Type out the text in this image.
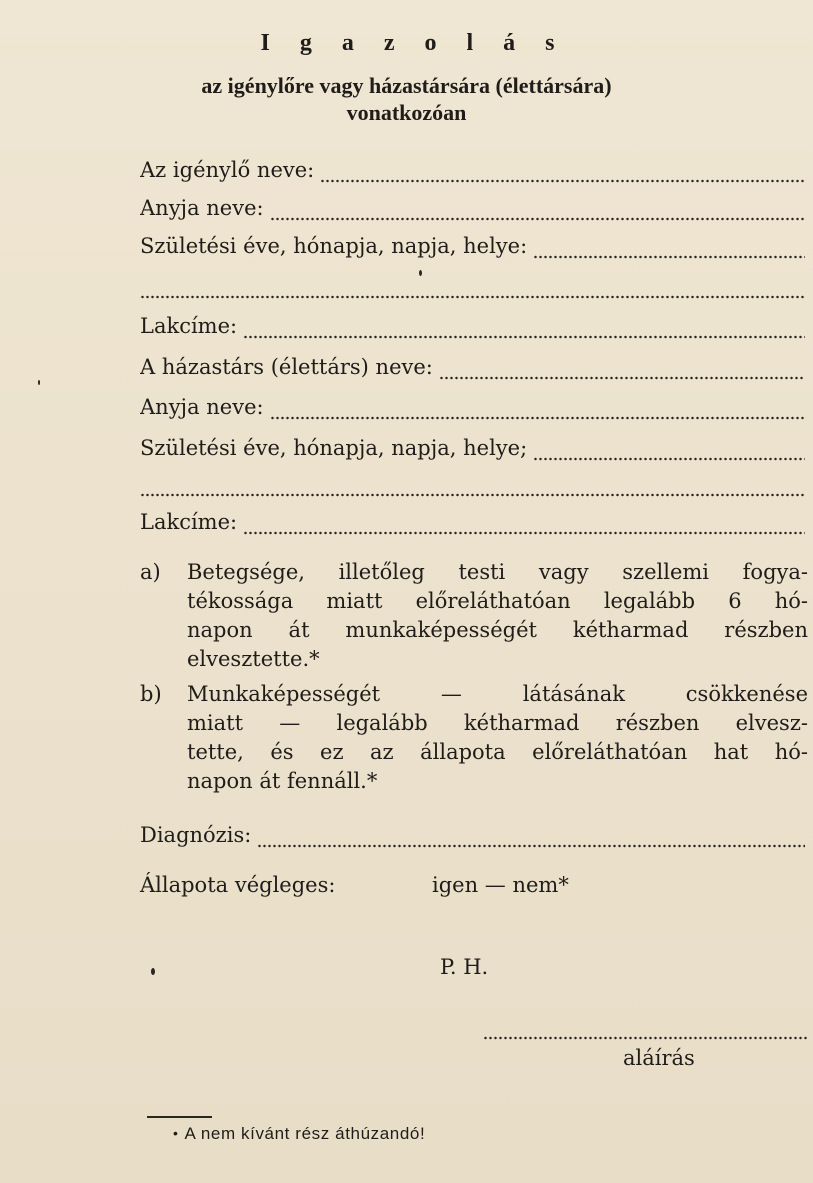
I g a z o l á s
az igénylőre vagy házastársára (élettársára)
vonatkozóan
Az igénylő neve:
Anyja neve:
Születési éve, hónapja, napja, helye:
Lakcíme:
A házastárs (élettárs) neve:
Anyja neve:
Születési éve, hónapja, napja, helye;
Lakcíme:
a) Betegsége, illetőleg testi vagy szellemi fogya-
tékossága miatt előreláthatóan legalább 6 hó-
napon át munkaképességét kétharmad részben
elvesztette.*
b) Munkaképességét — látásának csökkenése
miatt — legalább kétharmad részben elvesz-
tette, és ez az állapota előreláthatóan hat hó-
napon át fennáll.*
Diagnózis:
Állapota végleges:	igen — nem*
P. H.
aláírás
• A nem kívánt rész áthúzandó!
